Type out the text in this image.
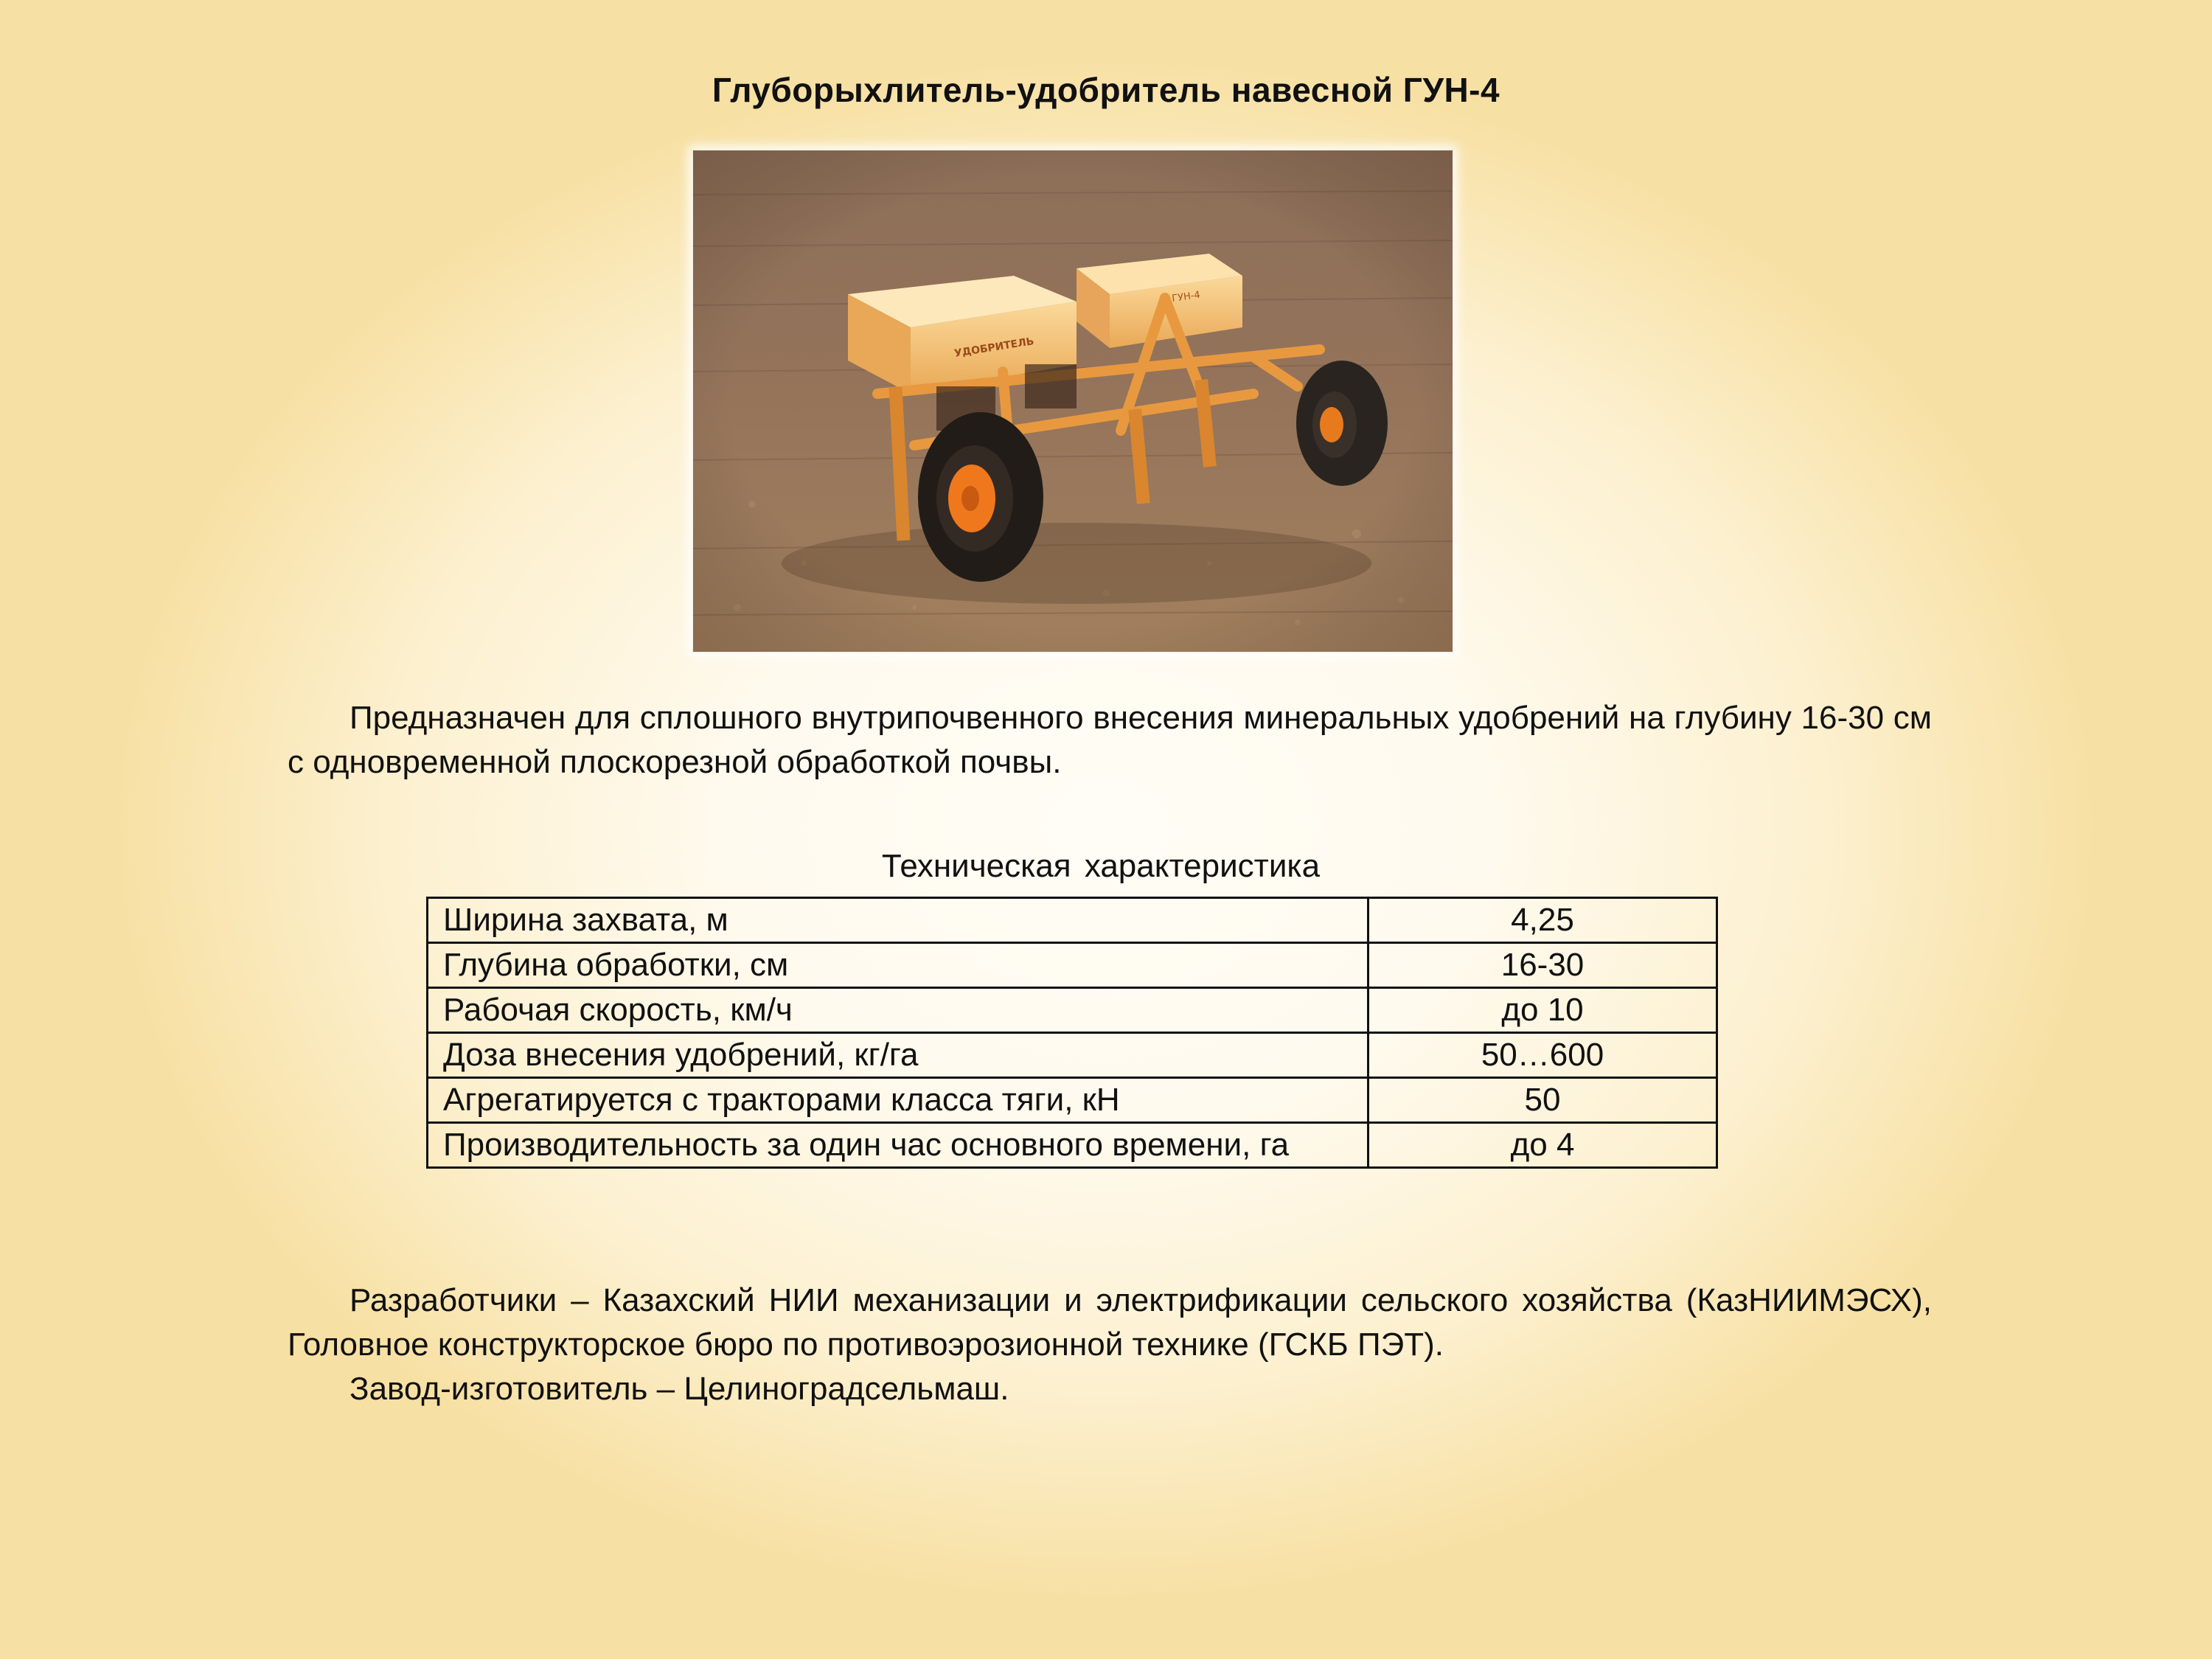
Глуборыхлитель-удобритель навесной ГУН-4

Предназначен для сплошного внутрипочвенного внесения минеральных удобрений на глубину 16-30 см с одновременной плоскорезной обработкой почвы.

Техническая характеристика
Ширина захвата, м	4,25
Глубина обработки, см	16-30
Рабочая скорость, км/ч	до 10
Доза внесения удобрений, кг/га	50…600
Агрегатируется с тракторами класса тяги, кН	50
Производительность за один час основного времени, га	до 4

Разработчики – Казахский НИИ механизации и электрификации сельского хозяйства (КазНИИМЭСХ), Головное конструкторское бюро по противоэрозионной технике (ГСКБ ПЭТ).

Завод-изготовитель – Целиноградсельмаш.
